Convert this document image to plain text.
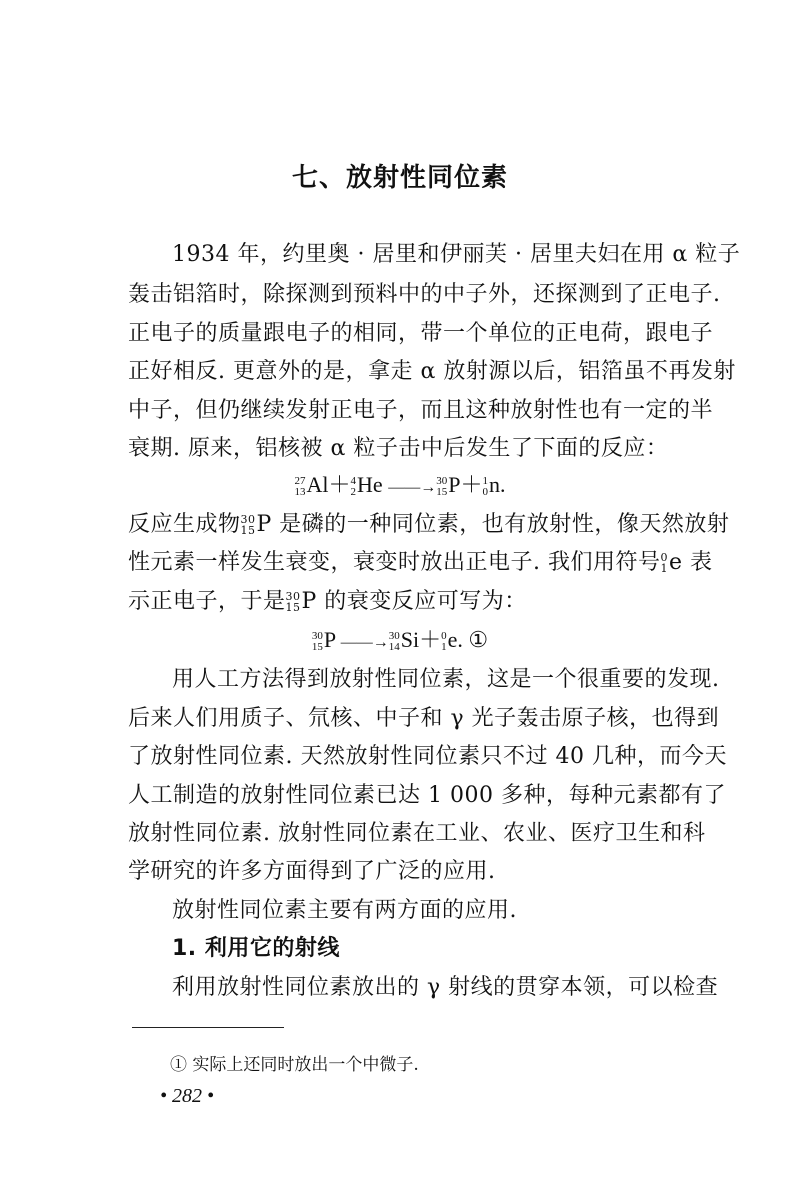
七、放射性同位素
1934 年，约里奥 · 居里和伊丽芙 · 居里夫妇在用 α 粒子
轰击铝箔时，除探测到预料中的中子外，还探测到了正电子.
正电子的质量跟电子的相同，带一个单位的正电荷，跟电子
正好相反. 更意外的是，拿走 α 放射源以后，铝箔虽不再发射
中子，但仍继续发射正电子，而且这种放射性也有一定的半
衰期. 原来，铝核被 α 粒子击中后发生了下面的反应：
27
13 Al＋ 4
2 He ——→ 30
15 P＋ 1
0 n.
反应生成物 30
15 P 是磷的一种同位素，也有放射性，像天然放射
性元素一样发生衰变，衰变时放出正电子. 我们用符号 0
1 e 表
示正电子，于是 30
15 P 的衰变反应可写为：
30
15 P ——→ 30
14 Si＋ 0
1 e. ①
用人工方法得到放射性同位素，这是一个很重要的发现.
后来人们用质子、氘核、中子和 γ 光子轰击原子核，也得到
了放射性同位素. 天然放射性同位素只不过 40 几种，而今天
人工制造的放射性同位素已达 1 000 多种，每种元素都有了
放射性同位素. 放射性同位素在工业、农业、医疗卫生和科
学研究的许多方面得到了广泛的应用.
放射性同位素主要有两方面的应用.
1. 利用它的射线
利用放射性同位素放出的 γ 射线的贯穿本领，可以检查
① 实际上还同时放出一个中微子.
• 282 •
